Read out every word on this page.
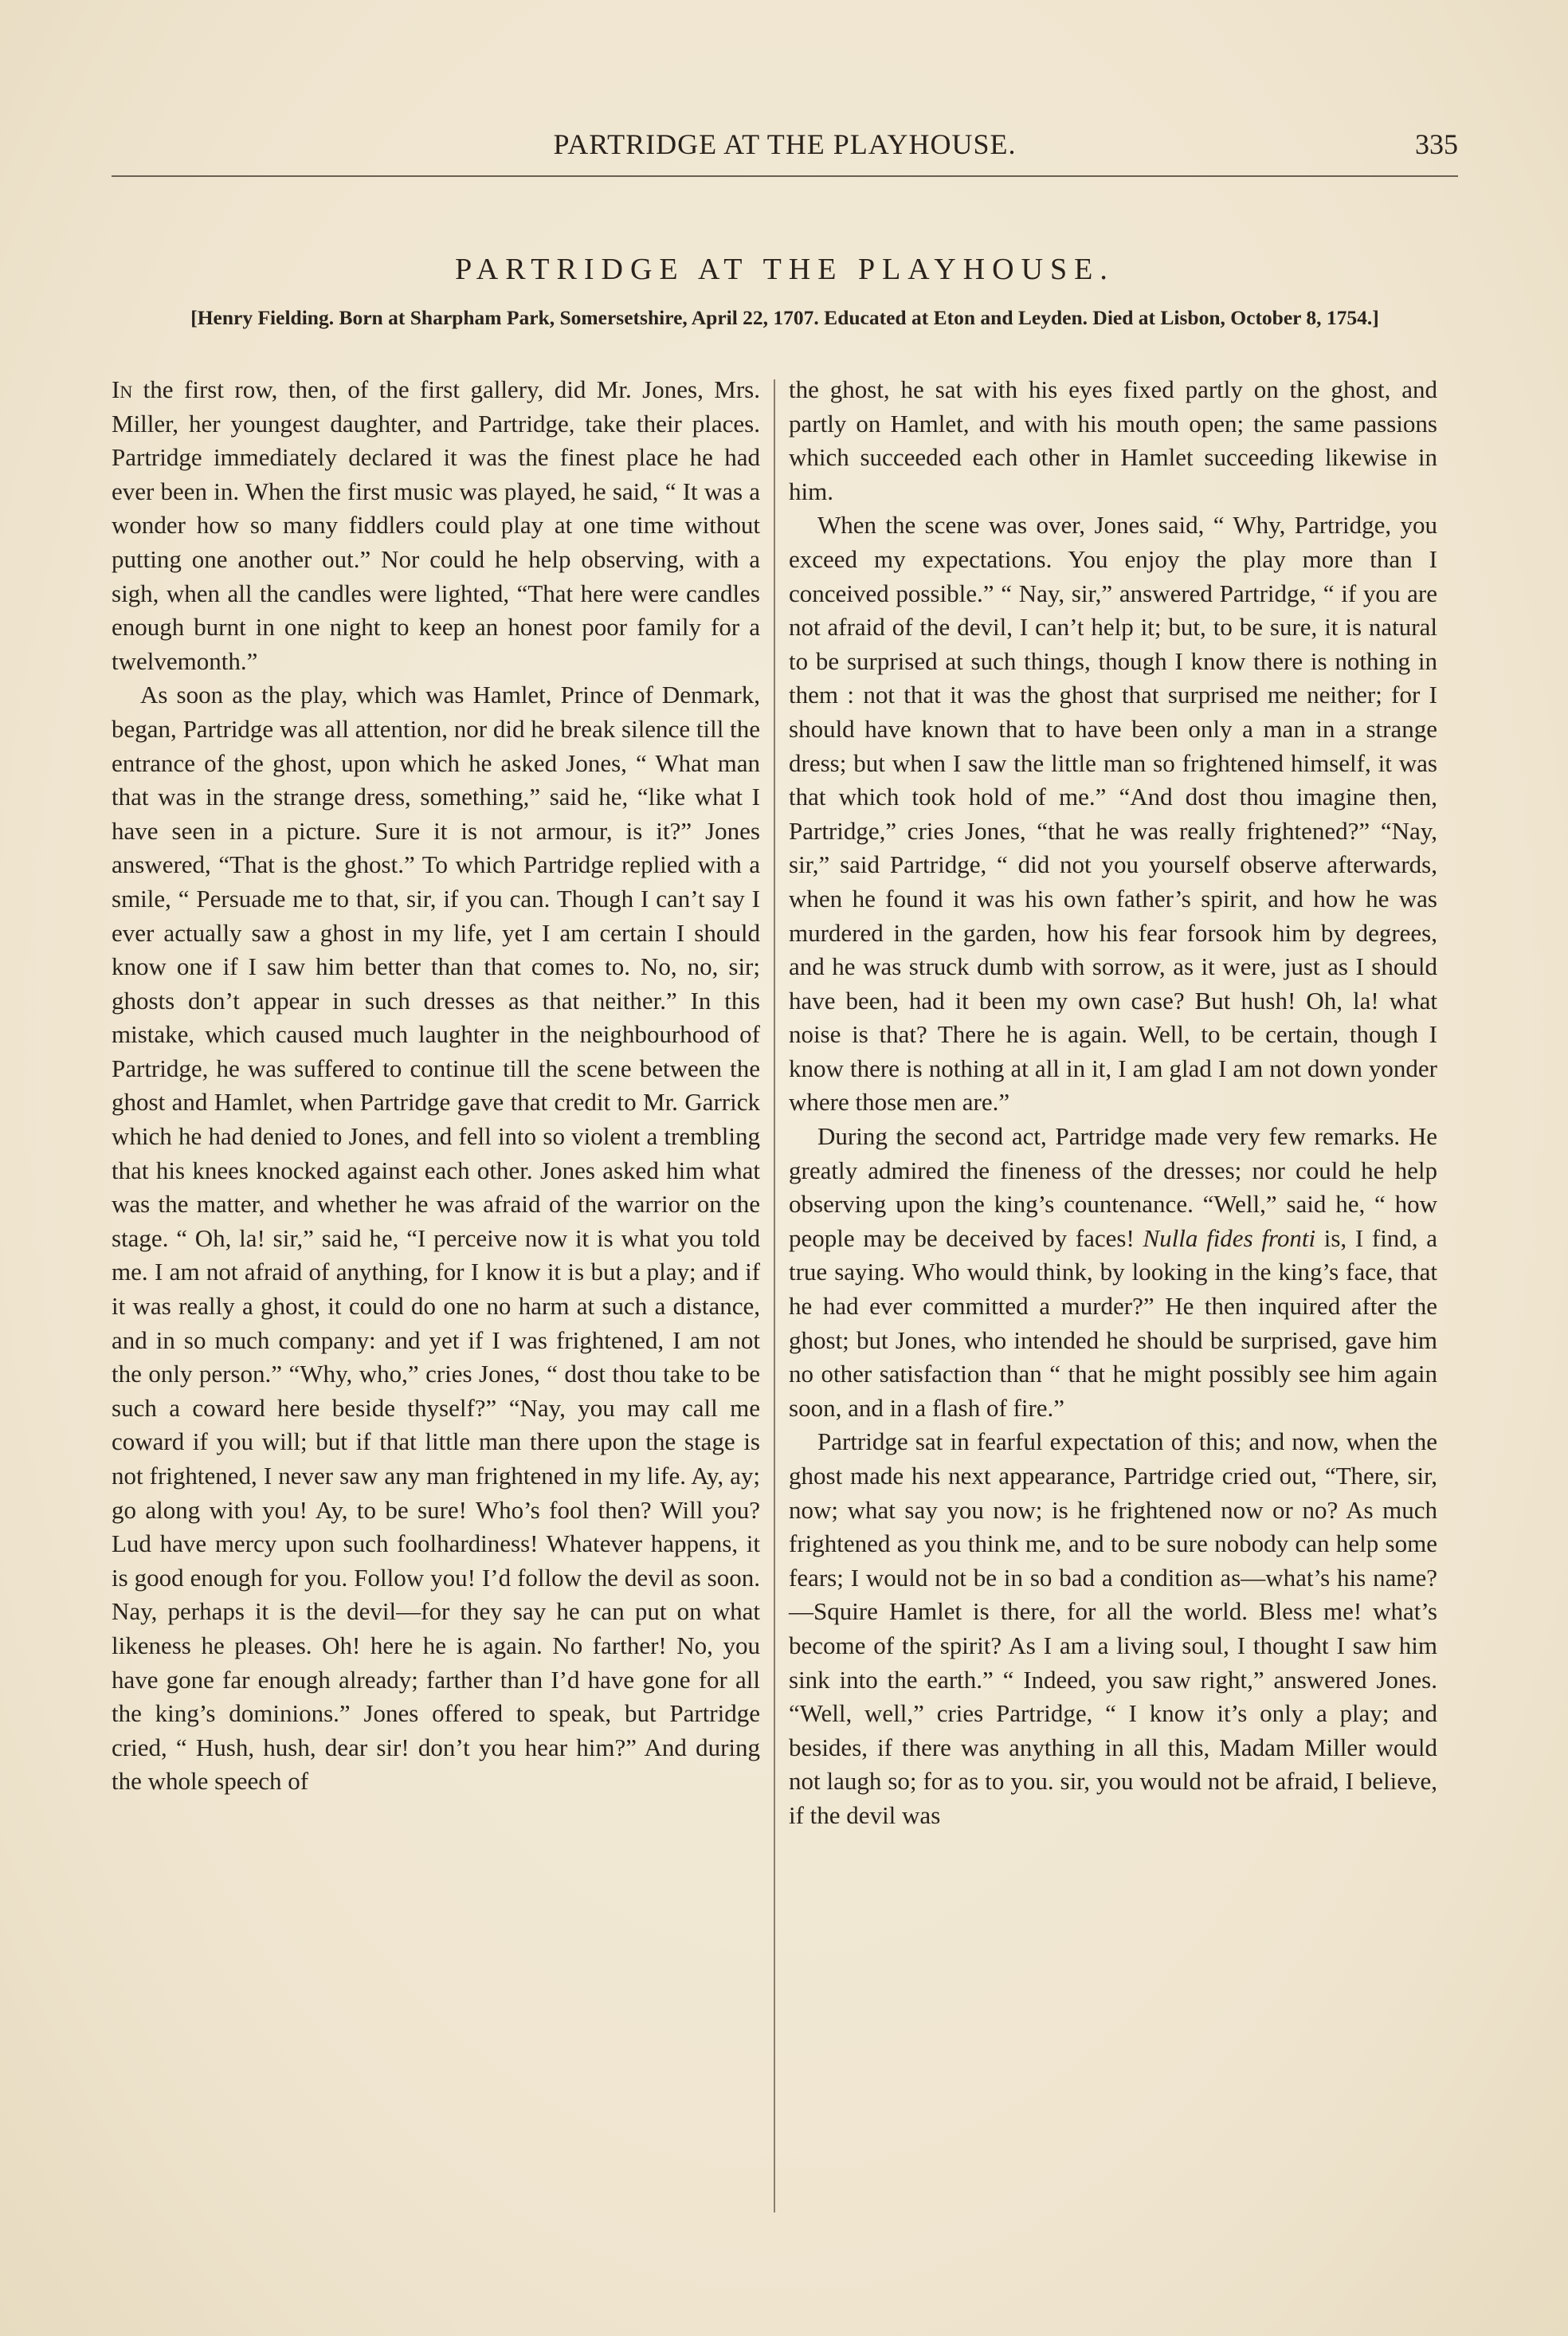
PARTRIDGE AT THE PLAYHOUSE.	335
PARTRIDGE AT THE PLAYHOUSE.
[Henry Fielding. Born at Sharpham Park, Somersetshire, April 22, 1707. Educated at Eton and Leyden. Died at Lisbon, October 8, 1754.]

In the first row, then, of the first gallery, did Mr. Jones, Mrs. Miller, her youngest daughter, and Partridge, take their places. Partridge immediately declared it was the finest place he had ever been in. When the first music was played, he said, “ It was a wonder how so many fiddlers could play at one time without putting one another out.” Nor could he help observing, with a sigh, when all the candles were lighted, “That here were candles enough burnt in one night to keep an honest poor family for a twelvemonth.”

As soon as the play, which was Hamlet, Prince of Denmark, began, Partridge was all attention, nor did he break silence till the entrance of the ghost, upon which he asked Jones, “ What man that was in the strange dress, something,” said he, “like what I have seen in a picture. Sure it is not armour, is it?” Jones answered, “That is the ghost.” To which Partridge replied with a smile, “ Persuade me to that, sir, if you can. Though I can’t say I ever actually saw a ghost in my life, yet I am certain I should know one if I saw him better than that comes to. No, no, sir; ghosts don’t appear in such dresses as that neither.” In this mistake, which caused much laughter in the neighbourhood of Partridge, he was suffered to continue till the scene between the ghost and Hamlet, when Partridge gave that credit to Mr. Garrick which he had denied to Jones, and fell into so violent a trembling that his knees knocked against each other. Jones asked him what was the matter, and whether he was afraid of the warrior on the stage. “ Oh, la! sir,” said he, “I perceive now it is what you told me. I am not afraid of anything, for I know it is but a play; and if it was really a ghost, it could do one no harm at such a distance, and in so much company: and yet if I was frightened, I am not the only person.” “Why, who,” cries Jones, “ dost thou take to be such a coward here beside thyself?” “Nay, you may call me coward if you will; but if that little man there upon the stage is not frightened, I never saw any man frightened in my life. Ay, ay; go along with you! Ay, to be sure! Who’s fool then? Will you? Lud have mercy upon such foolhardiness! Whatever happens, it is good enough for you. Follow you! I’d follow the devil as soon. Nay, perhaps it is the devil—for they say he can put on what likeness he pleases. Oh! here he is again. No farther! No, you have gone far enough already; farther than I’d have gone for all the king’s dominions.” Jones offered to speak, but Partridge cried, “ Hush, hush, dear sir! don’t you hear him?” And during the whole speech of

the ghost, he sat with his eyes fixed partly on the ghost, and partly on Hamlet, and with his mouth open; the same passions which succeeded each other in Hamlet succeeding likewise in him.

When the scene was over, Jones said, “ Why, Partridge, you exceed my expectations. You enjoy the play more than I conceived possible.” “ Nay, sir,” answered Partridge, “ if you are not afraid of the devil, I can’t help it; but, to be sure, it is natural to be surprised at such things, though I know there is nothing in them : not that it was the ghost that surprised me neither; for I should have known that to have been only a man in a strange dress; but when I saw the little man so frightened himself, it was that which took hold of me.” “And dost thou imagine then, Partridge,” cries Jones, “that he was really frightened?” “Nay, sir,” said Partridge, “ did not you yourself observe afterwards, when he found it was his own father’s spirit, and how he was murdered in the garden, how his fear forsook him by degrees, and he was struck dumb with sorrow, as it were, just as I should have been, had it been my own case? But hush! Oh, la! what noise is that? There he is again. Well, to be certain, though I know there is nothing at all in it, I am glad I am not down yonder where those men are.”

During the second act, Partridge made very few remarks. He greatly admired the fineness of the dresses; nor could he help observing upon the king’s countenance. “Well,” said he, “ how people may be deceived by faces! Nulla fides fronti is, I find, a true saying. Who would think, by looking in the king’s face, that he had ever committed a murder?” He then inquired after the ghost; but Jones, who intended he should be surprised, gave him no other satisfaction than “ that he might possibly see him again soon, and in a flash of fire.”

Partridge sat in fearful expectation of this; and now, when the ghost made his next appearance, Partridge cried out, “There, sir, now; what say you now; is he frightened now or no? As much frightened as you think me, and to be sure nobody can help some fears; I would not be in so bad a condition as—what’s his name?—Squire Hamlet is there, for all the world. Bless me! what’s become of the spirit? As I am a living soul, I thought I saw him sink into the earth.” “ Indeed, you saw right,” answered Jones. “Well, well,” cries Partridge, “ I know it’s only a play; and besides, if there was anything in all this, Madam Miller would not laugh so; for as to you. sir, you would not be afraid, I believe, if the devil was
